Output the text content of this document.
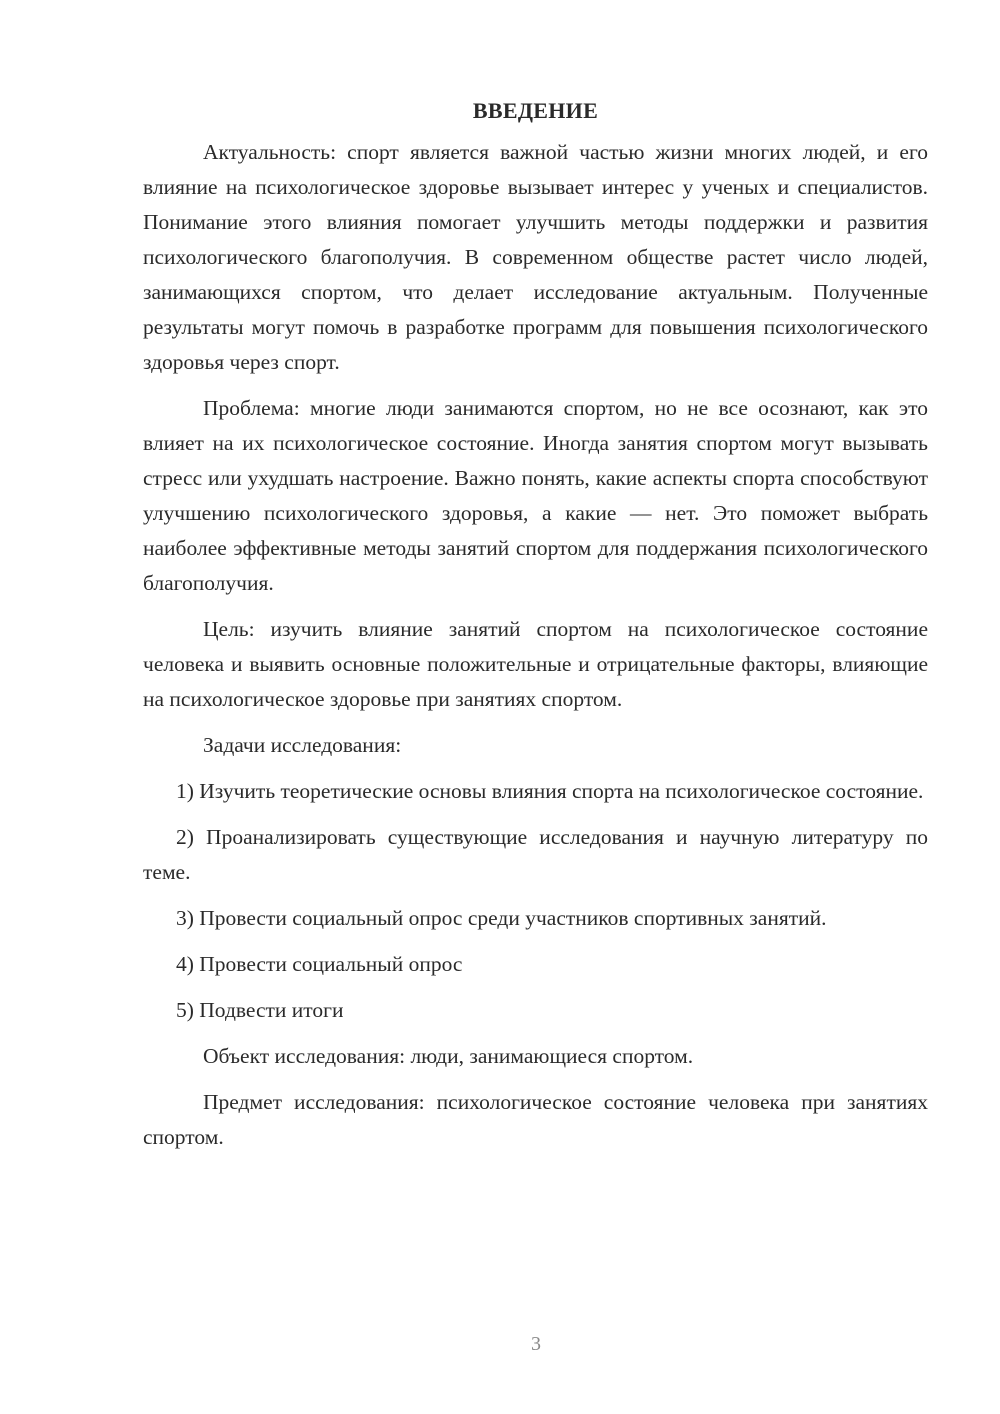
ВВЕДЕНИЕ

Актуальность: спорт является важной частью жизни многих людей, и его влияние на психологическое здоровье вызывает интерес у ученых и специалистов. Понимание этого влияния помогает улучшить методы поддержки и развития психологического благополучия. В современном обществе растет число людей, занимающихся спортом, что делает исследование актуальным. Полученные результаты могут помочь в разработке программ для повышения психологического здоровья через спорт.

Проблема: многие люди занимаются спортом, но не все осознают, как это влияет на их психологическое состояние. Иногда занятия спортом могут вызывать стресс или ухудшать настроение. Важно понять, какие аспекты спорта способствуют улучшению психологического здоровья, а какие — нет. Это поможет выбрать наиболее эффективные методы занятий спортом для поддержания психологического благополучия.

Цель: изучить влияние занятий спортом на психологическое состояние человека и выявить основные положительные и отрицательные факторы, влияющие на психологическое здоровье при занятиях спортом.

Задачи исследования:

1) Изучить теоретические основы влияния спорта на психологическое состояние.

2) Проанализировать существующие исследования и научную литературу по теме.

3) Провести социальный опрос среди участников спортивных занятий.

4) Провести социальный опрос

5) Подвести итоги

Объект исследования: люди, занимающиеся спортом.

Предмет исследования: психологическое состояние человека при занятиях спортом.

3
